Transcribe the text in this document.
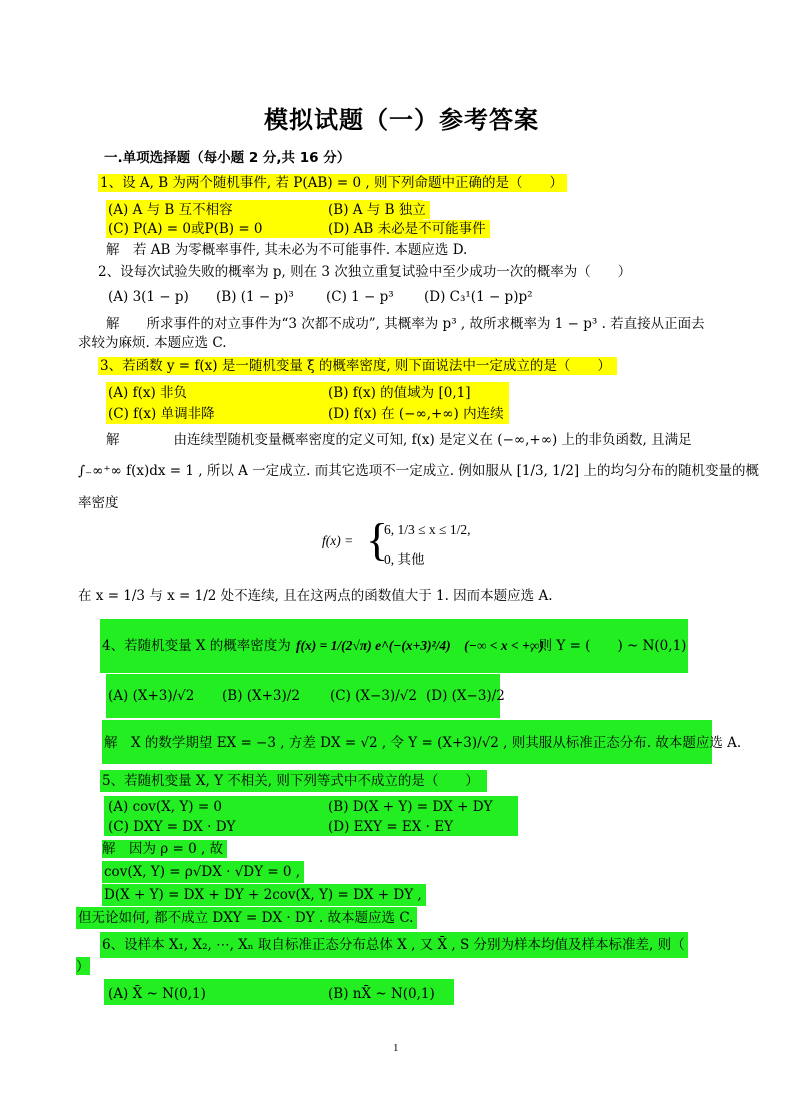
模拟试题（一）参考答案
一.单项选择题（每小题 2 分,共 16 分）
1、设 A, B 为两个随机事件, 若 P(AB) = 0 , 则下列命题中正确的是（　　）
(A) A 与 B 互不相容	(B) A 与 B 独立
(C) P(A) = 0或P(B) = 0	(D) AB 未必是不可能事件
解　若 AB 为零概率事件, 其未必为不可能事件. 本题应选 D.
2、设每次试验失败的概率为 p, 则在 3 次独立重复试验中至少成功一次的概率为（　　）
(A) 3(1 − p) (B) (1 − p)³ (C) 1 − p³ (D) C₃¹(1 − p)p²
解　　所求事件的对立事件为“3 次都不成功”, 其概率为 p³ , 故所求概率为 1 − p³ . 若直接从正面去
求较为麻烦. 本题应选 C.
3、若函数 y = f(x) 是一随机变量 ξ 的概率密度, 则下面说法中一定成立的是（　　）
(A) f(x) 非负	(B) f(x) 的值域为 [0,1]
(C) f(x) 单调非降	(D) f(x) 在 (−∞,+∞) 内连续
解　　　　由连续型随机变量概率密度的定义可知, f(x) 是定义在 (−∞,+∞) 上的非负函数, 且满足
∫₋∞⁺∞ f(x)dx = 1 , 所以 A 一定成立. 而其它选项不一定成立. 例如服从 [1/3, 1/2] 上的均匀分布的随机变量的概
率密度
f(x) = {
6, 1/3 ≤ x ≤ 1/2,
0, 其他
在 x = 1/3 与 x = 1/2 处不连续, 且在这两点的函数值大于 1. 因而本题应选 A.
4、若随机变量 X 的概率密度为 f(x) = 1/(2√π) e^(−(x+3)²/4)　(−∞ < x < +∞)
, 则 Y = (　　) ~ N(0,1)
(A) (X+3)/√2 (B) (X+3)/2 (C) (X−3)/√2 (D) (X−3)/2
解　X 的数学期望 EX = −3 , 方差 DX = √2 , 令 Y = (X+3)/√2 , 则其服从标准正态分布. 故本题应选 A.
5、若随机变量 X, Y 不相关, 则下列等式中不成立的是（　　）
(A) cov(X, Y) = 0	(B) D(X + Y) = DX + DY
(C) DXY = DX · DY	(D) EXY = EX · EY
解　因为 ρ = 0 , 故
cov(X, Y) = ρ√DX · √DY = 0 ,
D(X + Y) = DX + DY + 2cov(X, Y) = DX + DY ,
但无论如何, 都不成立 DXY = DX · DY . 故本题应选 C.
6、设样本 X₁, X₂, ⋯, Xₙ 取自标准正态分布总体 X , 又 X̄ , S 分别为样本均值及样本标准差, 则（
）
(A) X̄ ~ N(0,1)	(B) nX̄ ~ N(0,1)
1
